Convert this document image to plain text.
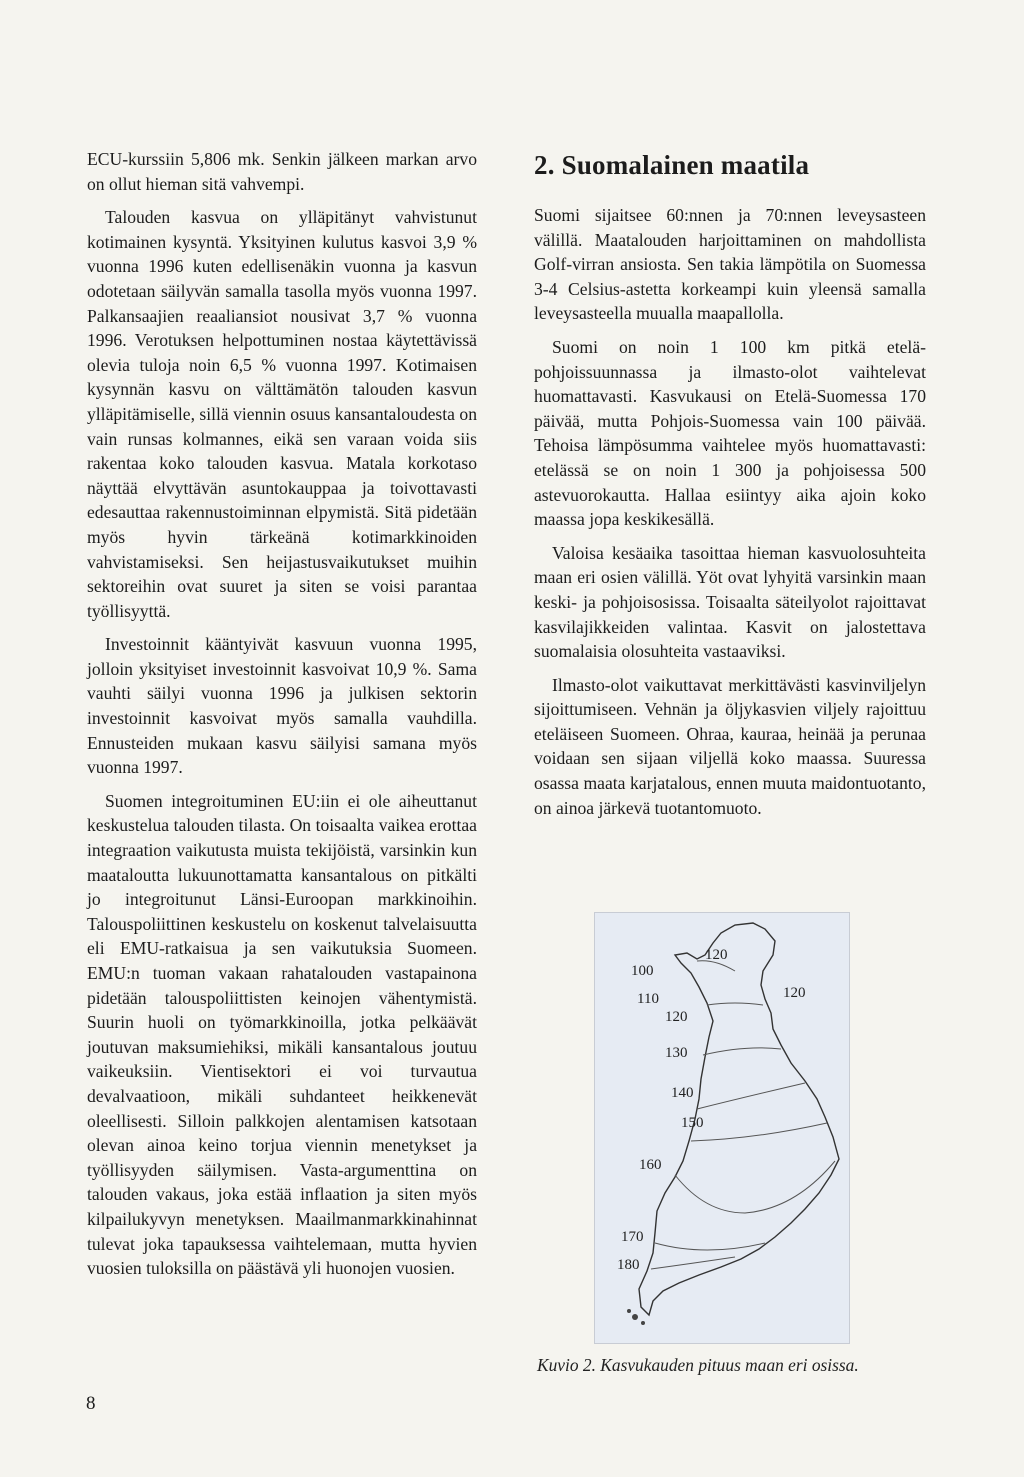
ECU-kurssiin 5,806 mk. Senkin jälkeen markan arvo on ollut hieman sitä vahvempi.

Talouden kasvua on ylläpitänyt vahvistunut kotimainen kysyntä. Yksityinen kulutus kasvoi 3,9 % vuonna 1996 kuten edellisenäkin vuonna ja kasvun odotetaan säilyvän samalla tasolla myös vuonna 1997. Palkansaajien reaaliansiot nousivat 3,7 % vuonna 1996. Verotuksen helpottuminen nostaa käytettävissä olevia tuloja noin 6,5 % vuonna 1997. Kotimaisen kysynnän kasvu on välttämätön talouden kasvun ylläpitämiselle, sillä viennin osuus kansantaloudesta on vain runsas kolmannes, eikä sen varaan voida siis rakentaa koko talouden kasvua. Matala korkotaso näyttää elvyttävän asuntokauppaa ja toivottavasti edesauttaa rakennustoiminnan elpymistä. Sitä pidetään myös hyvin tärkeänä kotimarkkinoiden vahvistamiseksi. Sen heijastusvaikutukset muihin sektoreihin ovat suuret ja siten se voisi parantaa työllisyyttä.

Investoinnit kääntyivät kasvuun vuonna 1995, jolloin yksityiset investoinnit kasvoivat 10,9 %. Sama vauhti säilyi vuonna 1996 ja julkisen sektorin investoinnit kasvoivat myös samalla vauhdilla. Ennusteiden mukaan kasvu säilyisi samana myös vuonna 1997.

Suomen integroituminen EU:iin ei ole aiheuttanut keskustelua talouden tilasta. On toisaalta vaikea erottaa integraation vaikutusta muista tekijöistä, varsinkin kun maataloutta lukuunottamatta kansantalous on pitkälti jo integroitunut Länsi-Euroopan markkinoihin. Talouspoliittinen keskustelu on koskenut talvelaisuutta eli EMU-ratkaisua ja sen vaikutuksia Suomeen. EMU:n tuoman vakaan rahatalouden vastapainona pidetään talouspoliittisten keinojen vähentymistä. Suurin huoli on työmarkkinoilla, jotka pelkäävät joutuvan maksumiehiksi, mikäli kansantalous joutuu vaikeuksiin. Vientisektori ei voi turvautua devalvaatioon, mikäli suhdanteet heikkenevät oleellisesti. Silloin palkkojen alentamisen katsotaan olevan ainoa keino torjua viennin menetykset ja työllisyyden säilymisen. Vasta-argumenttina on talouden vakaus, joka estää inflaation ja siten myös kilpailukyvyn menetyksen. Maailmanmarkkinahinnat tulevat joka tapauksessa vaihtelemaan, mutta hyvien vuosien tuloksilla on päästävä yli huonojen vuosien.

2. Suomalainen maatila

Suomi sijaitsee 60:nnen ja 70:nnen leveysasteen välillä. Maatalouden harjoittaminen on mahdollista Golf-virran ansiosta. Sen takia lämpötila on Suomessa 3-4 Celsius-astetta korkeampi kuin yleensä samalla leveysasteella muualla maapallolla.

Suomi on noin 1 100 km pitkä etelä-pohjoissuunnassa ja ilmasto-olot vaihtelevat huomattavasti. Kasvukausi on Etelä-Suomessa 170 päivää, mutta Pohjois-Suomessa vain 100 päivää. Tehoisa lämpösumma vaihtelee myös huomattavasti: etelässä se on noin 1 300 ja pohjoisessa 500 astevuorokautta. Hallaa esiintyy aika ajoin koko maassa jopa keskikesällä.

Valoisa kesäaika tasoittaa hieman kasvuolosuhteita maan eri osien välillä. Yöt ovat lyhyitä varsinkin maan keski- ja pohjoisosissa. Toisaalta säteilyolot rajoittavat kasvilajikkeiden valintaa. Kasvit on jalostettava suomalaisia olosuhteita vastaaviksi.

Ilmasto-olot vaikuttavat merkittävästi kasvinviljelyn sijoittumiseen. Vehnän ja öljykasvien viljely rajoittuu eteläiseen Suomeen. Ohraa, kauraa, heinää ja perunaa voidaan sen sijaan viljellä koko maassa. Suuressa osassa maata karjatalous, ennen muuta maidontuotanto, on ainoa järkevä tuotantomuoto.

120
100
110
120
120
130
140
150
160
170
180
Kuvio 2. Kasvukauden pituus maan eri osissa.
8
